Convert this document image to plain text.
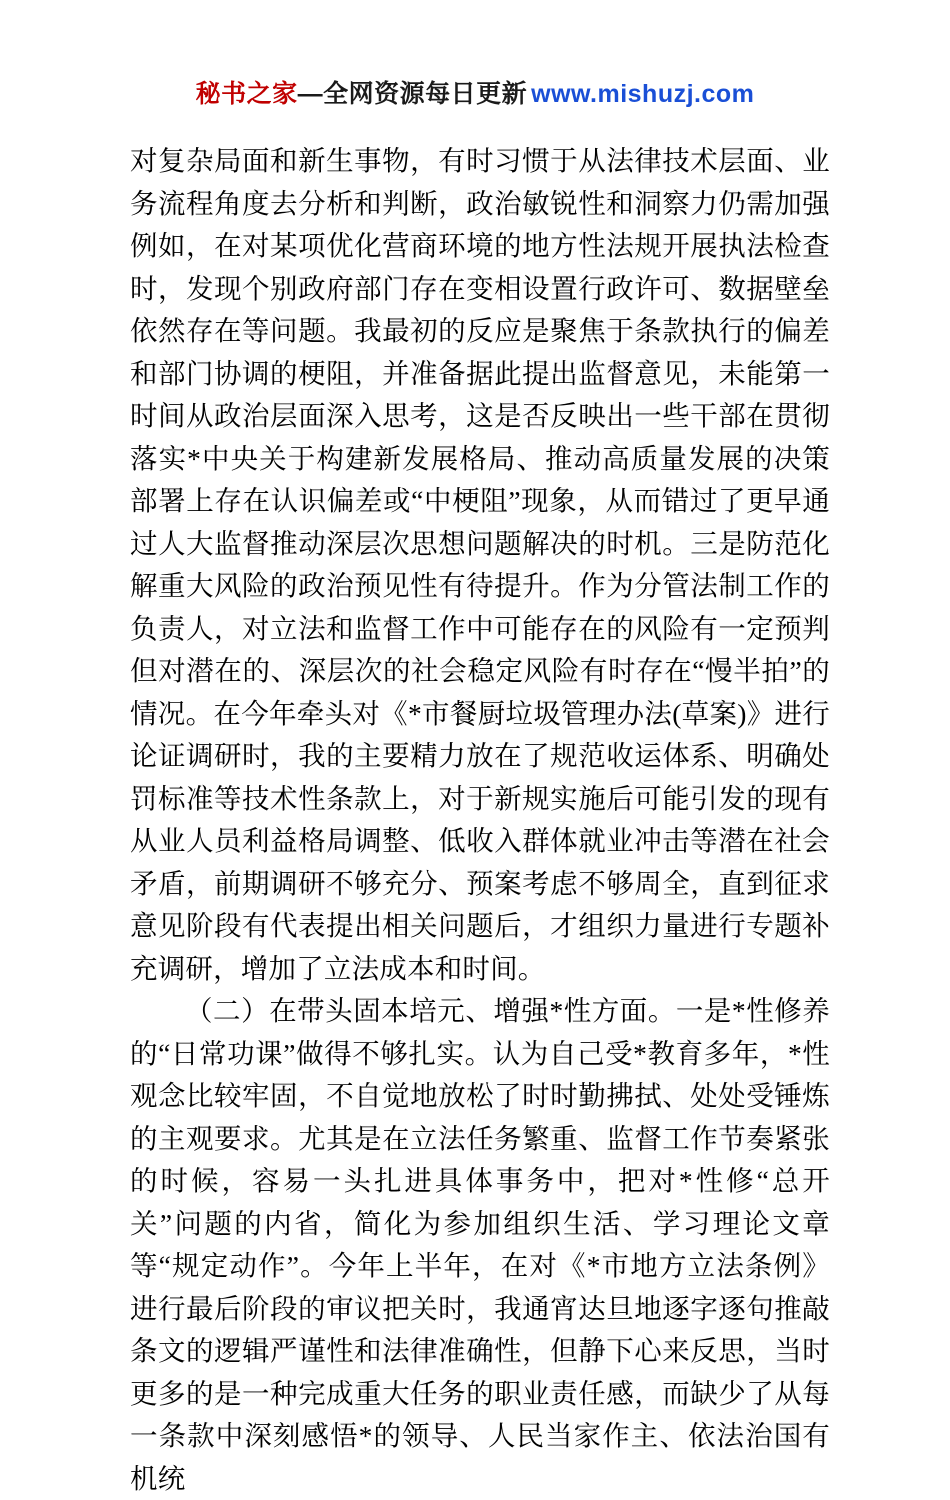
秘书之家—全网资源每日更新 www.mishuzj.com

对复杂局面和新生事物，有时习惯于从法律技术层面、业务流程角度去分析和判断，政治敏锐性和洞察力仍需加强例如，在对某项优化营商环境的地方性法规开展执法检查时，发现个别政府部门存在变相设置行政许可、数据壁垒依然存在等问题。我最初的反应是聚焦于条款执行的偏差和部门协调的梗阻，并准备据此提出监督意见，未能第一时间从政治层面深入思考，这是否反映出一些干部在贯彻落实*中央关于构建新发展格局、推动高质量发展的决策部署上存在认识偏差或“中梗阻”现象，从而错过了更早通过人大监督推动深层次思想问题解决的时机。三是防范化解重大风险的政治预见性有待提升。作为分管法制工作的负责人，对立法和监督工作中可能存在的风险有一定预判但对潜在的、深层次的社会稳定风险有时存在“慢半拍”的情况。在今年牵头对《*市餐厨垃圾管理办法(草案)》进行论证调研时，我的主要精力放在了规范收运体系、明确处罚标准等技术性条款上，对于新规实施后可能引发的现有从业人员利益格局调整、低收入群体就业冲击等潜在社会矛盾，前期调研不够充分、预案考虑不够周全，直到征求意见阶段有代表提出相关问题后，才组织力量进行专题补充调研，增加了立法成本和时间。

（二）在带头固本培元、增强*性方面。一是*性修养的“日常功课”做得不够扎实。认为自己受*教育多年，*性观念比较牢固，不自觉地放松了时时勤拂拭、处处受锤炼的主观要求。尤其是在立法任务繁重、监督工作节奏紧张的时候，容易一头扎进具体事务中，把对*性修“总开关”问题的内省，简化为参加组织生活、学习理论文章等“规定动作”。今年上半年，在对《*市地方立法条例》进行最后阶段的审议把关时，我通宵达旦地逐字逐句推敲条文的逻辑严谨性和法律准确性，但静下心来反思，当时更多的是一种完成重大任务的职业责任感，而缺少了从每一条款中深刻感悟*的领导、人民当家作主、依法治国有机统
